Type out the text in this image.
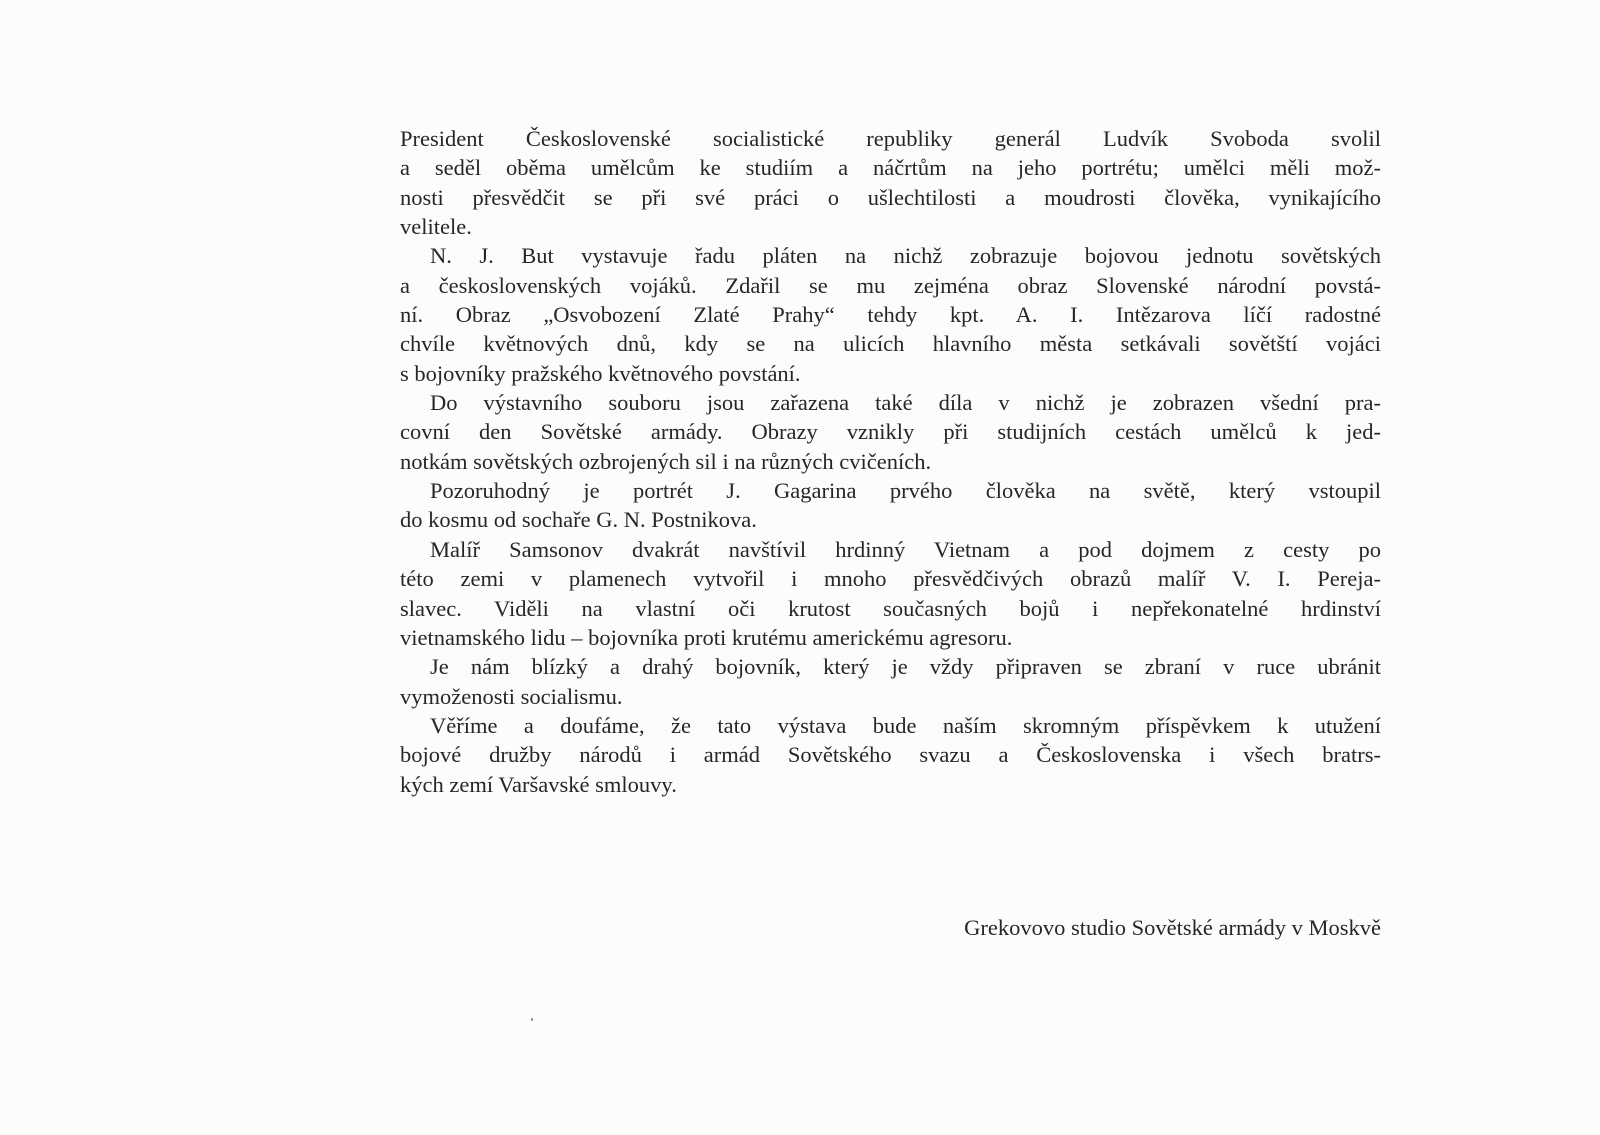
President Československé socialistické republiky generál Ludvík Svoboda svolil
a seděl oběma umělcům ke studiím a náčrtům na jeho portrétu; umělci měli mož-
nosti přesvědčit se při své práci o ušlechtilosti a moudrosti člověka, vynikajícího
velitele.
N. J. But vystavuje řadu pláten na nichž zobrazuje bojovou jednotu sovětských
a československých vojáků. Zdařil se mu zejména obraz Slovenské národní povstá-
ní. Obraz „Osvobození Zlaté Prahy“ tehdy kpt. A. I. Intězarova líčí radostné
chvíle květnových dnů, kdy se na ulicích hlavního města setkávali sovětští vojáci
s bojovníky pražského květnového povstání.
Do výstavního souboru jsou zařazena také díla v nichž je zobrazen všední pra-
covní den Sovětské armády. Obrazy vznikly při studijních cestách umělců k jed-
notkám sovětských ozbrojených sil i na různých cvičeních.
Pozoruhodný je portrét J. Gagarina prvého člověka na světě, který vstoupil
do kosmu od sochaře G. N. Postnikova.
Malíř Samsonov dvakrát navštívil hrdinný Vietnam a pod dojmem z cesty po
této zemi v plamenech vytvořil i mnoho přesvědčivých obrazů malíř V. I. Pereja-
slavec. Viděli na vlastní oči krutost současných bojů i nepřekonatelné hrdinství
vietnamského lidu – bojovníka proti krutému americkému agresoru.
Je nám blízký a drahý bojovník, který je vždy připraven se zbraní v ruce ubránit
vymoženosti socialismu.
Věříme a doufáme, že tato výstava bude naším skromným příspěvkem k utužení
bojové družby národů i armád Sovětského svazu a Československa i všech bratrs-
kých zemí Varšavské smlouvy.
Grekovovo studio Sovětské armády v Moskvě
